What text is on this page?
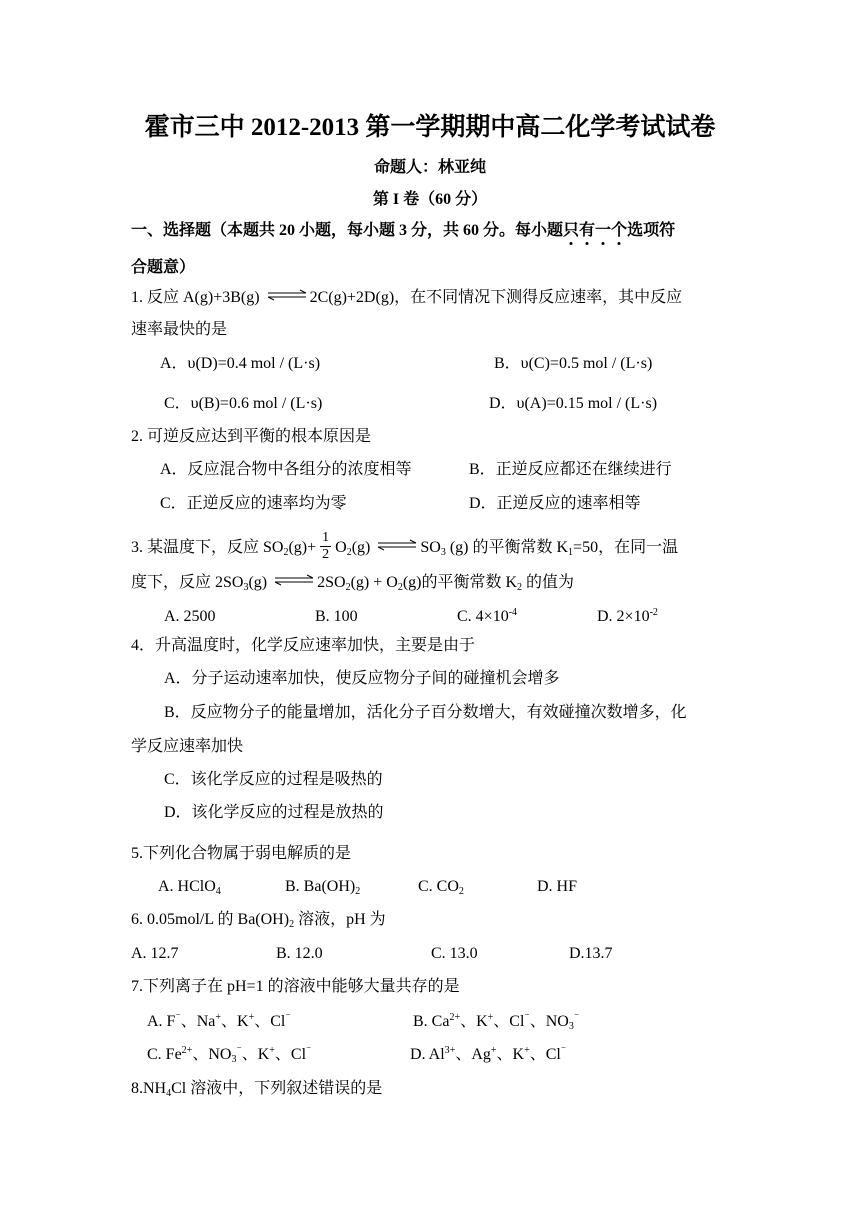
霍市三中 2012-2013 第一学期期中高二化学考试试卷
命题人：林亚纯
第 I 卷（60 分）
一、选择题（本题共 20 小题，每小题 3 分，共 60 分。每小题只有一个选项符
合题意）
1. 反应 A(g)+3B(g) ⇌ 2C(g)+2D(g)，在不同情况下测得反应速率，其中反应
速率最快的是
A．υ(D)=0.4 mol / (L·s)	B．υ(C)=0.5 mol / (L·s)
C．υ(B)=0.6 mol / (L·s)	D．υ(A)=0.15 mol / (L·s)
2. 可逆反应达到平衡的根本原因是
A．反应混合物中各组分的浓度相等	B．正逆反应都还在继续进行
C．正逆反应的速率均为零	D．正逆反应的速率相等
3. 某温度下，反应 $SO_2(g)+ \frac{1}{2} O_2(g)$ ⇌ $SO_3$ (g) 的平衡常数 $K_1=50$，在同一温
度下，反应 $2SO_3(g)$ ⇌ $2SO_2(g) + O_2(g)$的平衡常数 $K_2$ 的值为
A. 2500	B. 100	C. $4\times 10^{-4}$	D. $2\times 10^{-2}$
4．升高温度时，化学反应速率加快，主要是由于
A．分子运动速率加快，使反应物分子间的碰撞机会增多
B．反应物分子的能量增加，活化分子百分数增大，有效碰撞次数增多，化
学反应速率加快
C．该化学反应的过程是吸热的
D．该化学反应的过程是放热的
5.下列化合物属于弱电解质的是
A. HClO$_4$	B. $Ba(OH)_2$	C. $CO_2$	D. HF
6. 0.05mol/L 的 $Ba(OH)_2$ 溶液，pH 为
A. 12.7	B. 12.0	C. 13.0	D.13.7
7.下列离子在 pH=1 的溶液中能够大量共存的是
A. F⁻、Na+、K+、Cl⁻	B. $Ca^{2+}$、K+、Cl⁻、$NO_3^{^-}$
C. $Fe^{2+}$、$NO_3^{^-}$、K+、Cl⁻	D. $Al^{3+}$、Ag+、K+、Cl⁻
$8.NH_4Cl$ 溶液中，下列叙述错误的是
